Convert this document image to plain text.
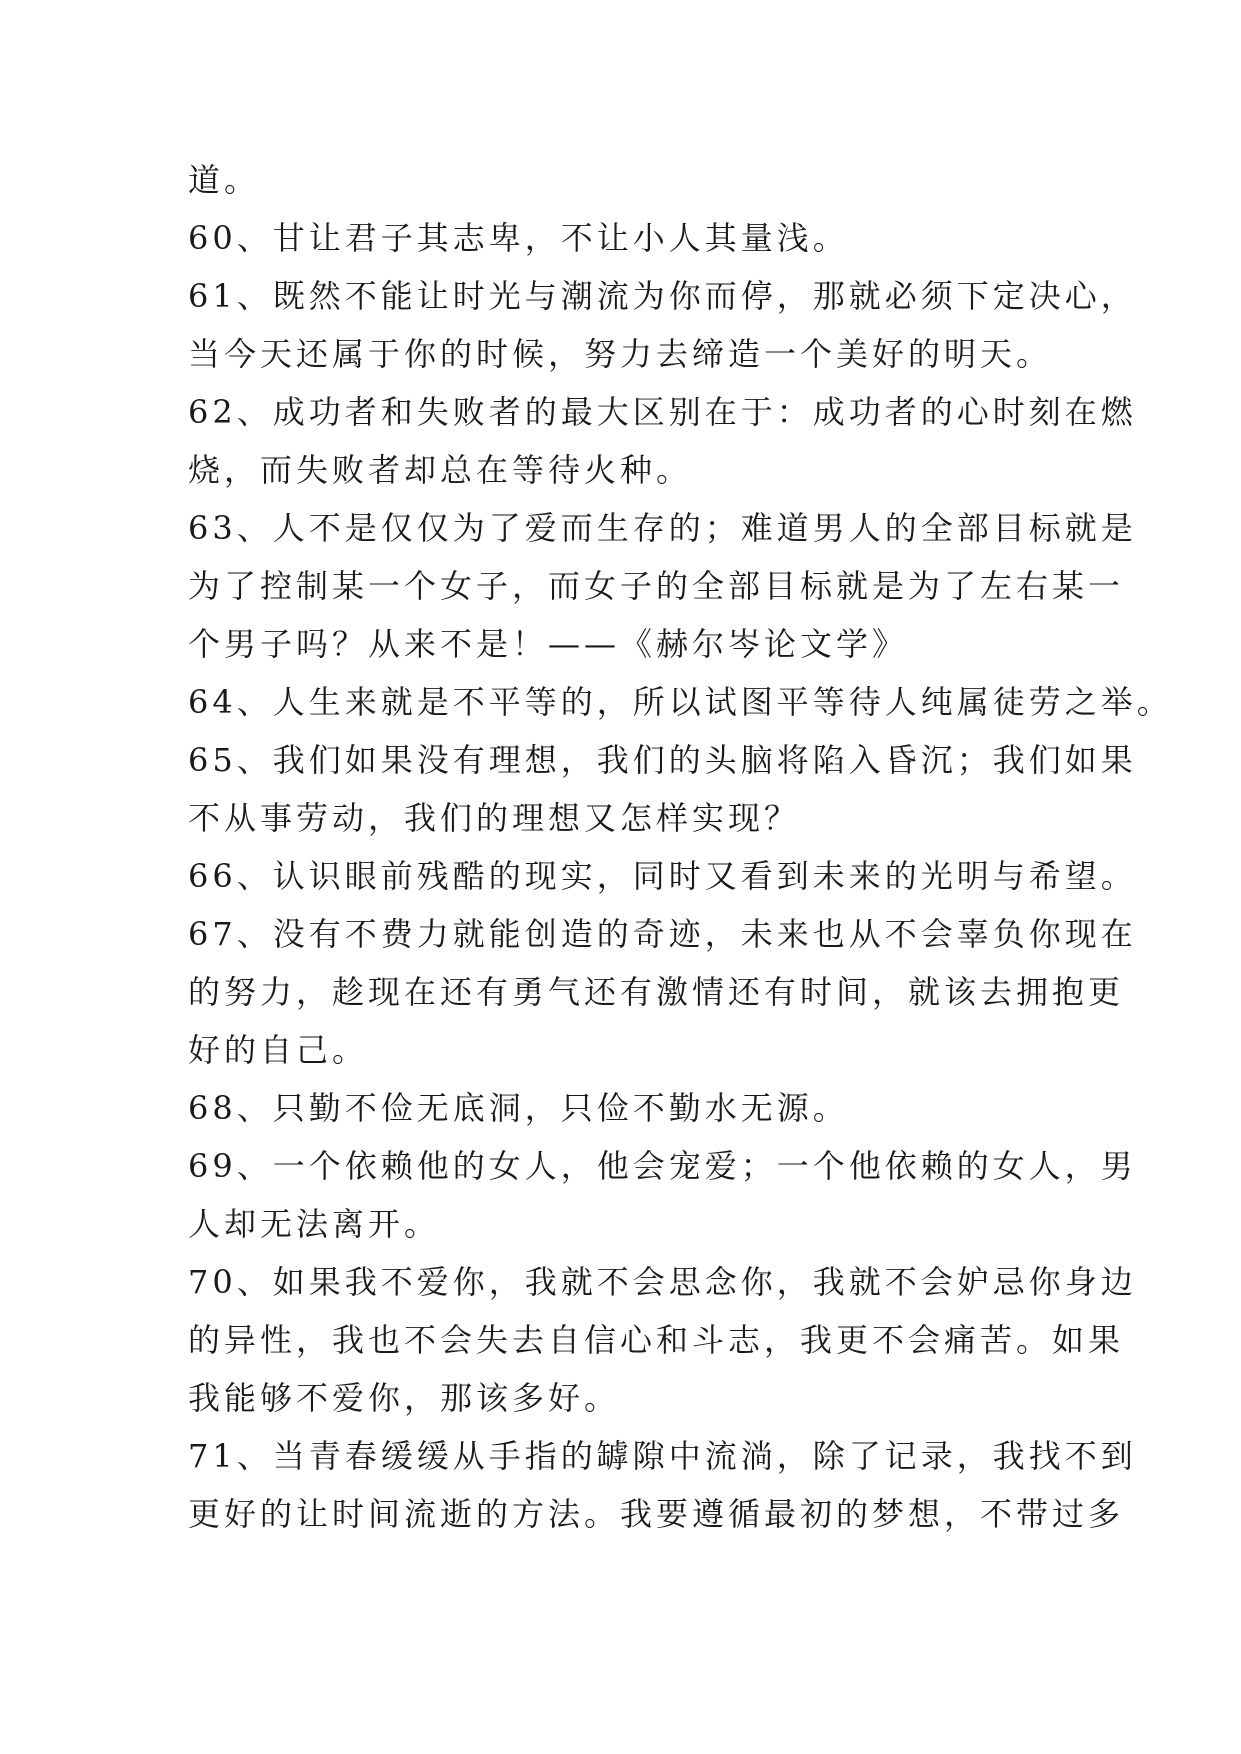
道。
60、甘让君子其志卑，不让小人其量浅。
61、既然不能让时光与潮流为你而停，那就必须下定决心，
当今天还属于你的时候，努力去缔造一个美好的明天。
62、成功者和失败者的最大区别在于：成功者的心时刻在燃
烧，而失败者却总在等待火种。
63、人不是仅仅为了爱而生存的；难道男人的全部目标就是
为了控制某一个女子，而女子的全部目标就是为了左右某一
个男子吗？从来不是！——《赫尔岑论文学》
64、人生来就是不平等的，所以试图平等待人纯属徒劳之举。
65、我们如果没有理想，我们的头脑将陷入昏沉；我们如果
不从事劳动，我们的理想又怎样实现？
66、认识眼前残酷的现实，同时又看到未来的光明与希望。
67、没有不费力就能创造的奇迹，未来也从不会辜负你现在
的努力，趁现在还有勇气还有激情还有时间，就该去拥抱更
好的自己。
68、只勤不俭无底洞，只俭不勤水无源。
69、一个依赖他的女人，他会宠爱；一个他依赖的女人，男
人却无法离开。
70、如果我不爱你，我就不会思念你，我就不会妒忌你身边
的异性，我也不会失去自信心和斗志，我更不会痛苦。如果
我能够不爱你，那该多好。
71、当青春缓缓从手指的罅隙中流淌，除了记录，我找不到
更好的让时间流逝的方法。我要遵循最初的梦想，不带过多
